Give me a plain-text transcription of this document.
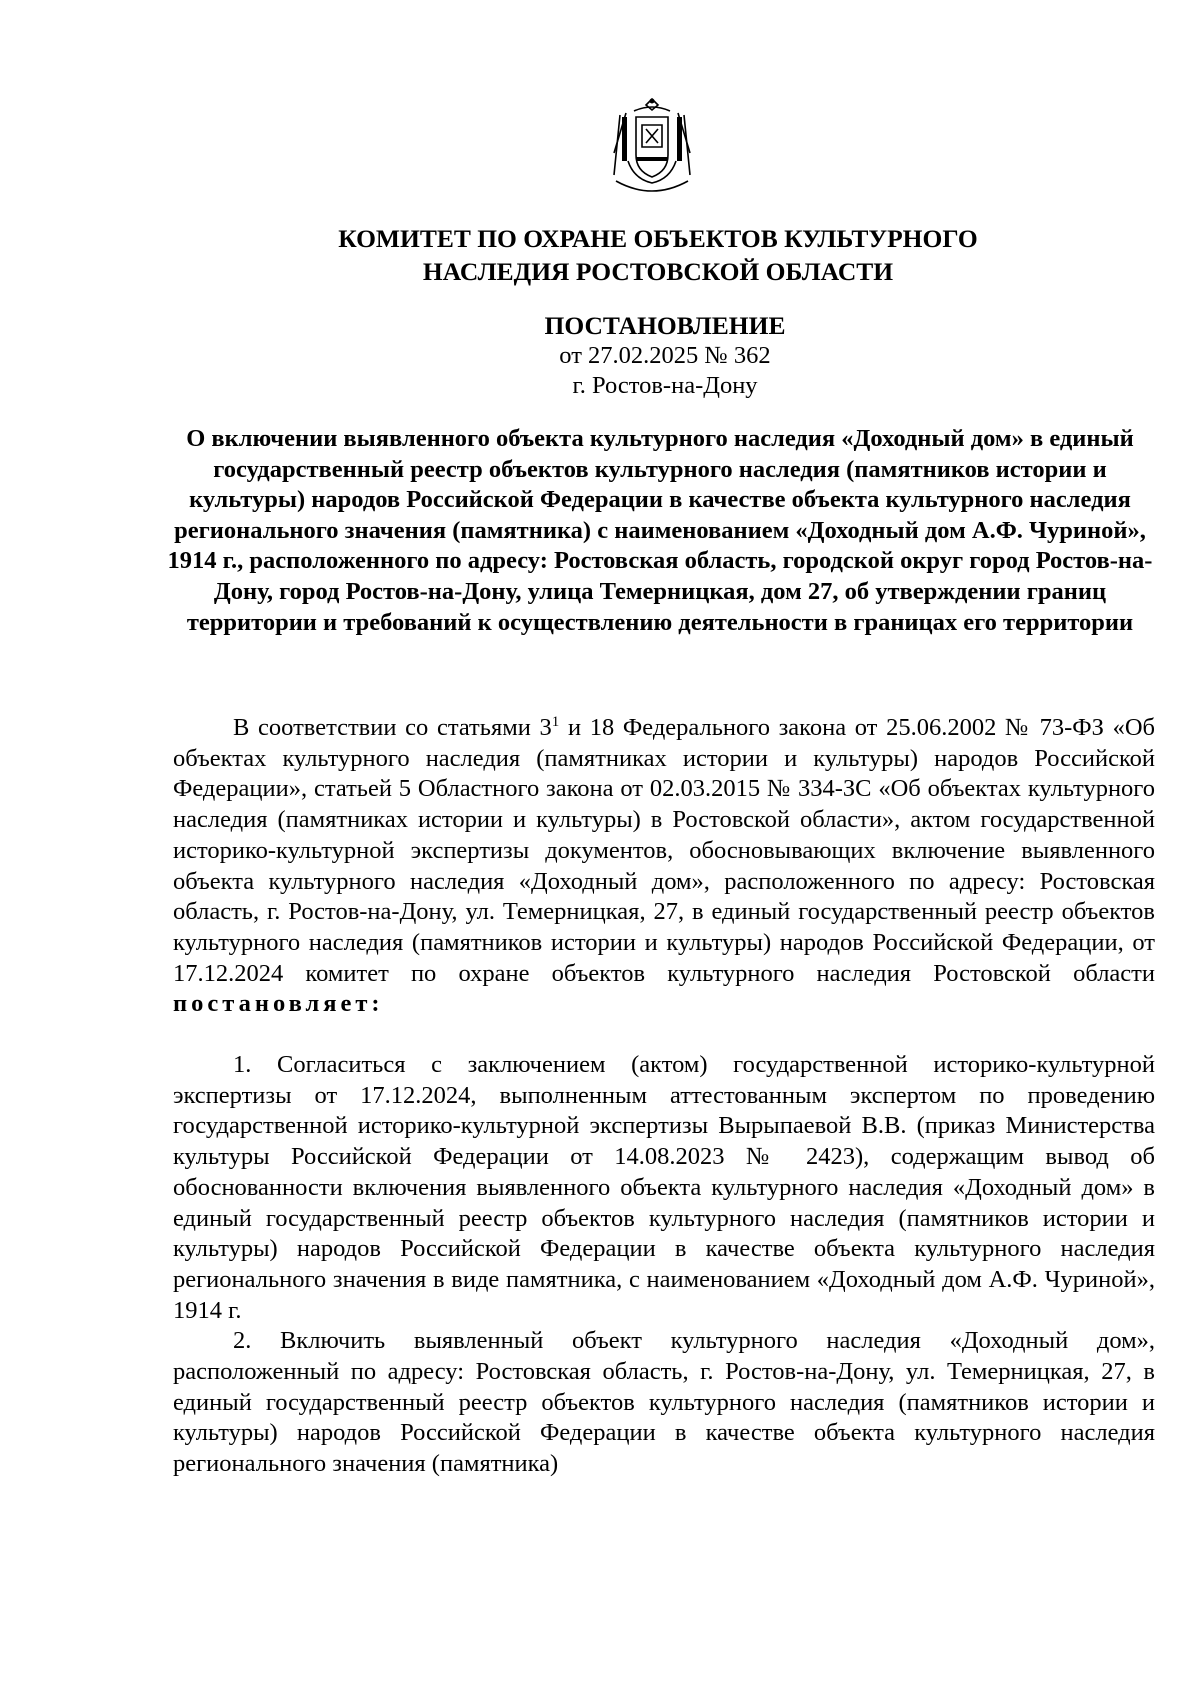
КОМИТЕТ ПО ОХРАНЕ ОБЪЕКТОВ КУЛЬТУРНОГО
НАСЛЕДИЯ РОСТОВСКОЙ ОБЛАСТИ
ПОСТАНОВЛЕНИЕ
от 27.02.2025 № 362
г. Ростов-на-Дону
О включении выявленного объекта культурного наследия «Доходный дом» в единый государственный реестр объектов культурного наследия (памятников истории и культуры) народов Российской Федерации в качестве объекта культурного наследия регионального значения (памятника) с наименованием «Доходный дом А.Ф. Чуриной», 1914 г., расположенного по адресу: Ростовская область, городской округ город Ростов-на-Дону, город Ростов-на-Дону, улица Темерницкая, дом 27, об утверждении границ территории и требований к осуществлению деятельности в границах его территории

В соответствии со статьями $3^1$ и 18 Федерального закона от 25.06.2002 № 73-ФЗ «Об объектах культурного наследия (памятниках истории и культуры) народов Российской Федерации», статьей 5 Областного закона от 02.03.2015 № 334-ЗС «Об объектах культурного наследия (памятниках истории и культуры) в Ростовской области», актом государственной историко-культурной экспертизы документов, обосновывающих включение выявленного объекта культурного наследия «Доходный дом», расположенного по адресу: Ростовская область, г. Ростов-на-Дону, ул. Темерницкая, 27, в единый государственный реестр объектов культурного наследия (памятников истории и культуры) народов Российской Федерации, от 17.12.2024 комитет по охране объектов культурного наследия Ростовской области постановляет:

1. Согласиться с заключением (актом) государственной историко-культурной экспертизы от 17.12.2024, выполненным аттестованным экспертом по проведению государственной историко-культурной экспертизы Вырыпаевой В.В. (приказ Министерства культуры Российской Федерации от 14.08.2023 № 2423), содержащим вывод об обоснованности включения выявленного объекта культурного наследия «Доходный дом» в единый государственный реестр объектов культурного наследия (памятников истории и культуры) народов Российской Федерации в качестве объекта культурного наследия регионального значения в виде памятника, с наименованием «Доходный дом А.Ф. Чуриной», 1914 г.

2. Включить выявленный объект культурного наследия «Доходный дом», расположенный по адресу: Ростовская область, г. Ростов-на-Дону, ул. Темерницкая, 27, в единый государственный реестр объектов культурного наследия (памятников истории и культуры) народов Российской Федерации в качестве объекта культурного наследия регионального значения (памятника)
